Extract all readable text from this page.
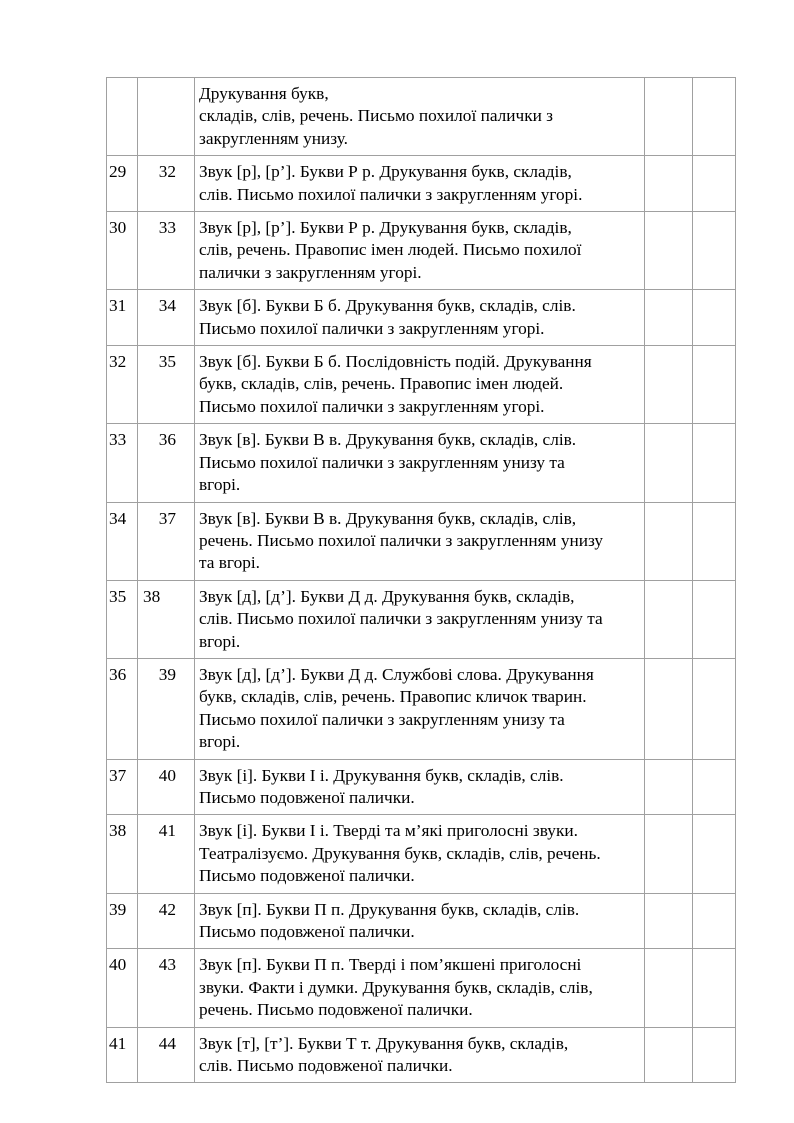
		Друкування букв,
складів, слів, речень. Письмо похилої палички з
закругленням унизу.		

29	32	Звук [р], [р’]. Букви Р р. Друкування букв, складів,
слів. Письмо похилої палички з закругленням угорі.		

30	33	Звук [р], [р’]. Букви Р р. Друкування букв, складів,
слів, речень. Правопис імен людей. Письмо похилої
палички з закругленням угорі.		

31	34	Звук [б]. Букви Б б. Друкування букв, складів, слів.
Письмо похилої палички з закругленням угорі.		

32	35	Звук [б]. Букви Б б. Послідовність подій. Друкування
букв, складів, слів, речень. Правопис імен людей.
Письмо похилої палички з закругленням угорі.		

33	36	Звук [в]. Букви В в. Друкування букв, складів, слів.
Письмо похилої палички з закругленням унизу та
вгорі.		

34	37	Звук [в]. Букви В в. Друкування букв, складів, слів,
речень. Письмо похилої палички з закругленням унизу
та вгорі.		

35	38	Звук [д], [д’]. Букви Д д. Друкування букв, складів,
слів. Письмо похилої палички з закругленням унизу та
вгорі.		

36	39	Звук [д], [д’]. Букви Д д. Службові слова. Друкування
букв, складів, слів, речень. Правопис кличок тварин.
Письмо похилої палички з закругленням унизу та
вгорі.		

37	40	Звук [і]. Букви І і. Друкування букв, складів, слів.
Письмо подовженої палички.		

38	41	Звук [і]. Букви І і. Тверді та м’які приголосні звуки.
Театралізуємо. Друкування букв, складів, слів, речень.
Письмо подовженої палички.		

39	42	Звук [п]. Букви П п. Друкування букв, складів, слів.
Письмо подовженої палички.		

40	43	Звук [п]. Букви П п. Тверді і пом’якшені приголосні
звуки. Факти і думки. Друкування букв, складів, слів,
речень. Письмо подовженої палички.		

41	44	Звук [т], [т’]. Букви Т т. Друкування букв, складів,
слів. Письмо подовженої палички.		
